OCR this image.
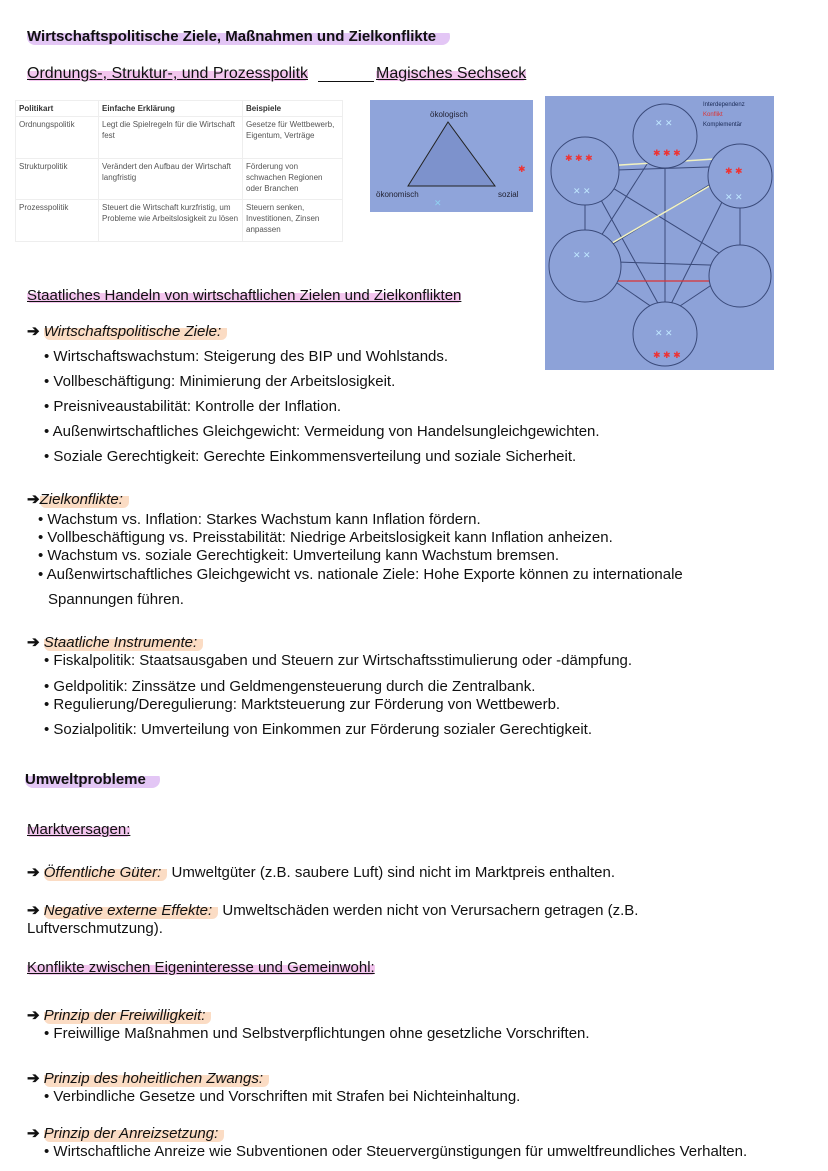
Wirtschaftspolitische Ziele, Maßnahmen und Zielkonflikte
Ordnungs-, Struktur-, und Prozesspolitk	Magisches Sechseck
Politikart	Einfache Erklärung	Beispiele
Ordnungspolitik	Legt die Spielregeln für die Wirtschaft fest	Gesetze für Wettbewerb, Eigentum, Verträge
Strukturpolitik	Verändert den Aufbau der Wirtschaft langfristig	Förderung von schwachen Regionen oder Branchen
Prozesspolitik	Steuert die Wirtschaft kurzfristig, um Probleme wie Arbeitslosigkeit zu lösen	Steuern senken, Investitionen, Zinsen anpassen
✱
✕
ökologisch
ökonomisch	sozial
✱ ✱ ✱
✱ ✱ ✱
✱ ✱
✱ ✱ ✱
✕ ✕
✕ ✕
✕ ✕
✕ ✕
✕ ✕
Interdependenz
Komplementär
Konflikt
Staatliches Handeln von wirtschaftlichen Zielen und Zielkonflikten
➔ Wirtschaftspolitische Ziele:
• Wirtschaftswachstum: Steigerung des BIP und Wohlstands.
• Vollbeschäftigung: Minimierung der Arbeitslosigkeit.
• Preisniveaustabilität: Kontrolle der Inflation.
• Außenwirtschaftliches Gleichgewicht: Vermeidung von Handelsungleichgewichten.
• Soziale Gerechtigkeit: Gerechte Einkommensverteilung und soziale Sicherheit.
➔Zielkonflikte:
• Wachstum vs. Inflation: Starkes Wachstum kann Inflation fördern.
• Vollbeschäftigung vs. Preisstabilität: Niedrige Arbeitslosigkeit kann Inflation anheizen.
• Wachstum vs. soziale Gerechtigkeit: Umverteilung kann Wachstum bremsen.
• Außenwirtschaftliches Gleichgewicht vs. nationale Ziele: Hohe Exporte können zu internationale
Spannungen führen.
➔ Staatliche Instrumente:
• Fiskalpolitik: Staatsausgaben und Steuern zur Wirtschaftsstimulierung oder -dämpfung.
• Geldpolitik: Zinssätze und Geldmengensteuerung durch die Zentralbank.
• Regulierung/Deregulierung: Marktsteuerung zur Förderung von Wettbewerb.
• Sozialpolitik: Umverteilung von Einkommen zur Förderung sozialer Gerechtigkeit.
Umweltprobleme
Marktversagen:
➔ Öffentliche Güter: Umweltgüter (z.B. saubere Luft) sind nicht im Marktpreis enthalten.
➔ Negative externe Effekte: Umweltschäden werden nicht von Verursachern getragen (z.B.
Luftverschmutzung).
Konflikte zwischen Eigeninteresse und Gemeinwohl:
➔ Prinzip der Freiwilligkeit:
• Freiwillige Maßnahmen und Selbstverpflichtungen ohne gesetzliche Vorschriften.
➔ Prinzip des hoheitlichen Zwangs:
• Verbindliche Gesetze und Vorschriften mit Strafen bei Nichteinhaltung.
➔ Prinzip der Anreizsetzung:
• Wirtschaftliche Anreize wie Subventionen oder Steuervergünstigungen für umweltfreundliches Verhalten.
